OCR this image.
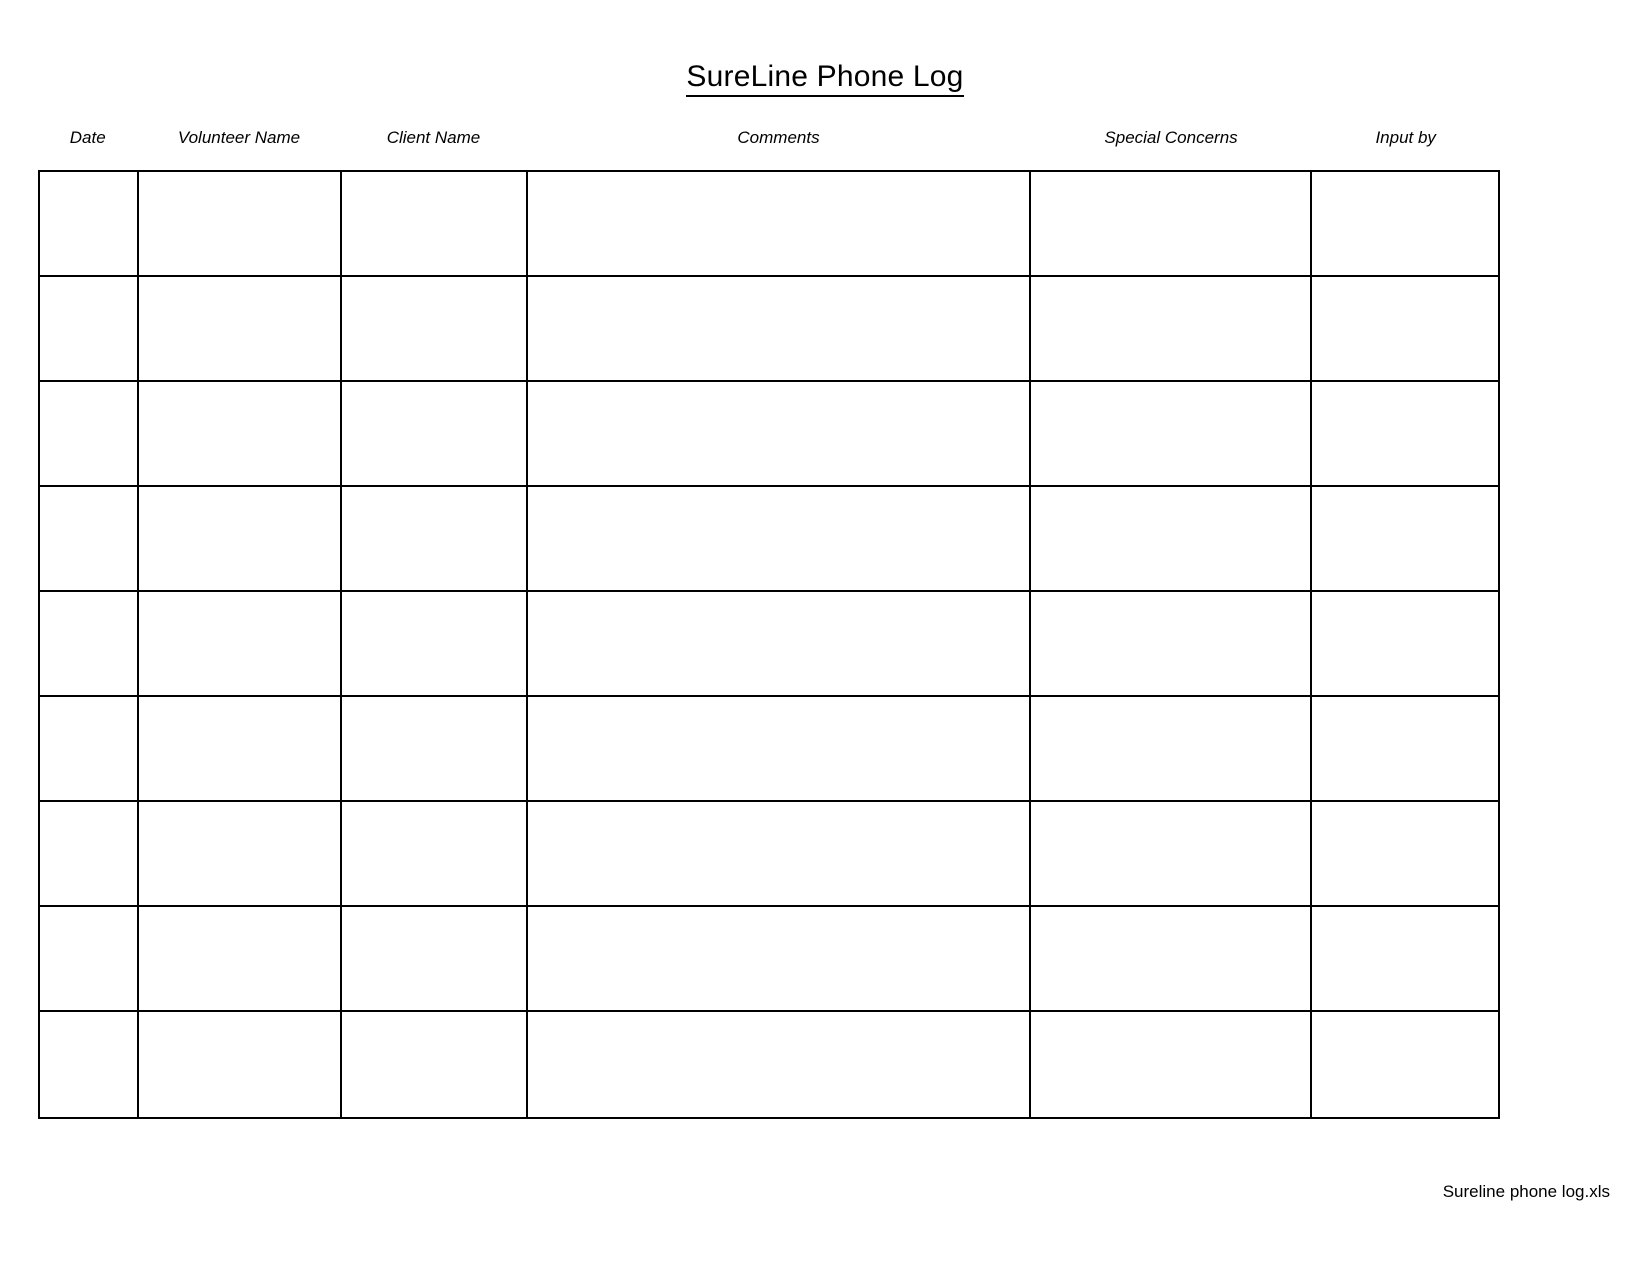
SureLine Phone Log
Date	Volunteer Name	Client Name	Comments	Special Concerns	Input by

Sureline phone log.xls
